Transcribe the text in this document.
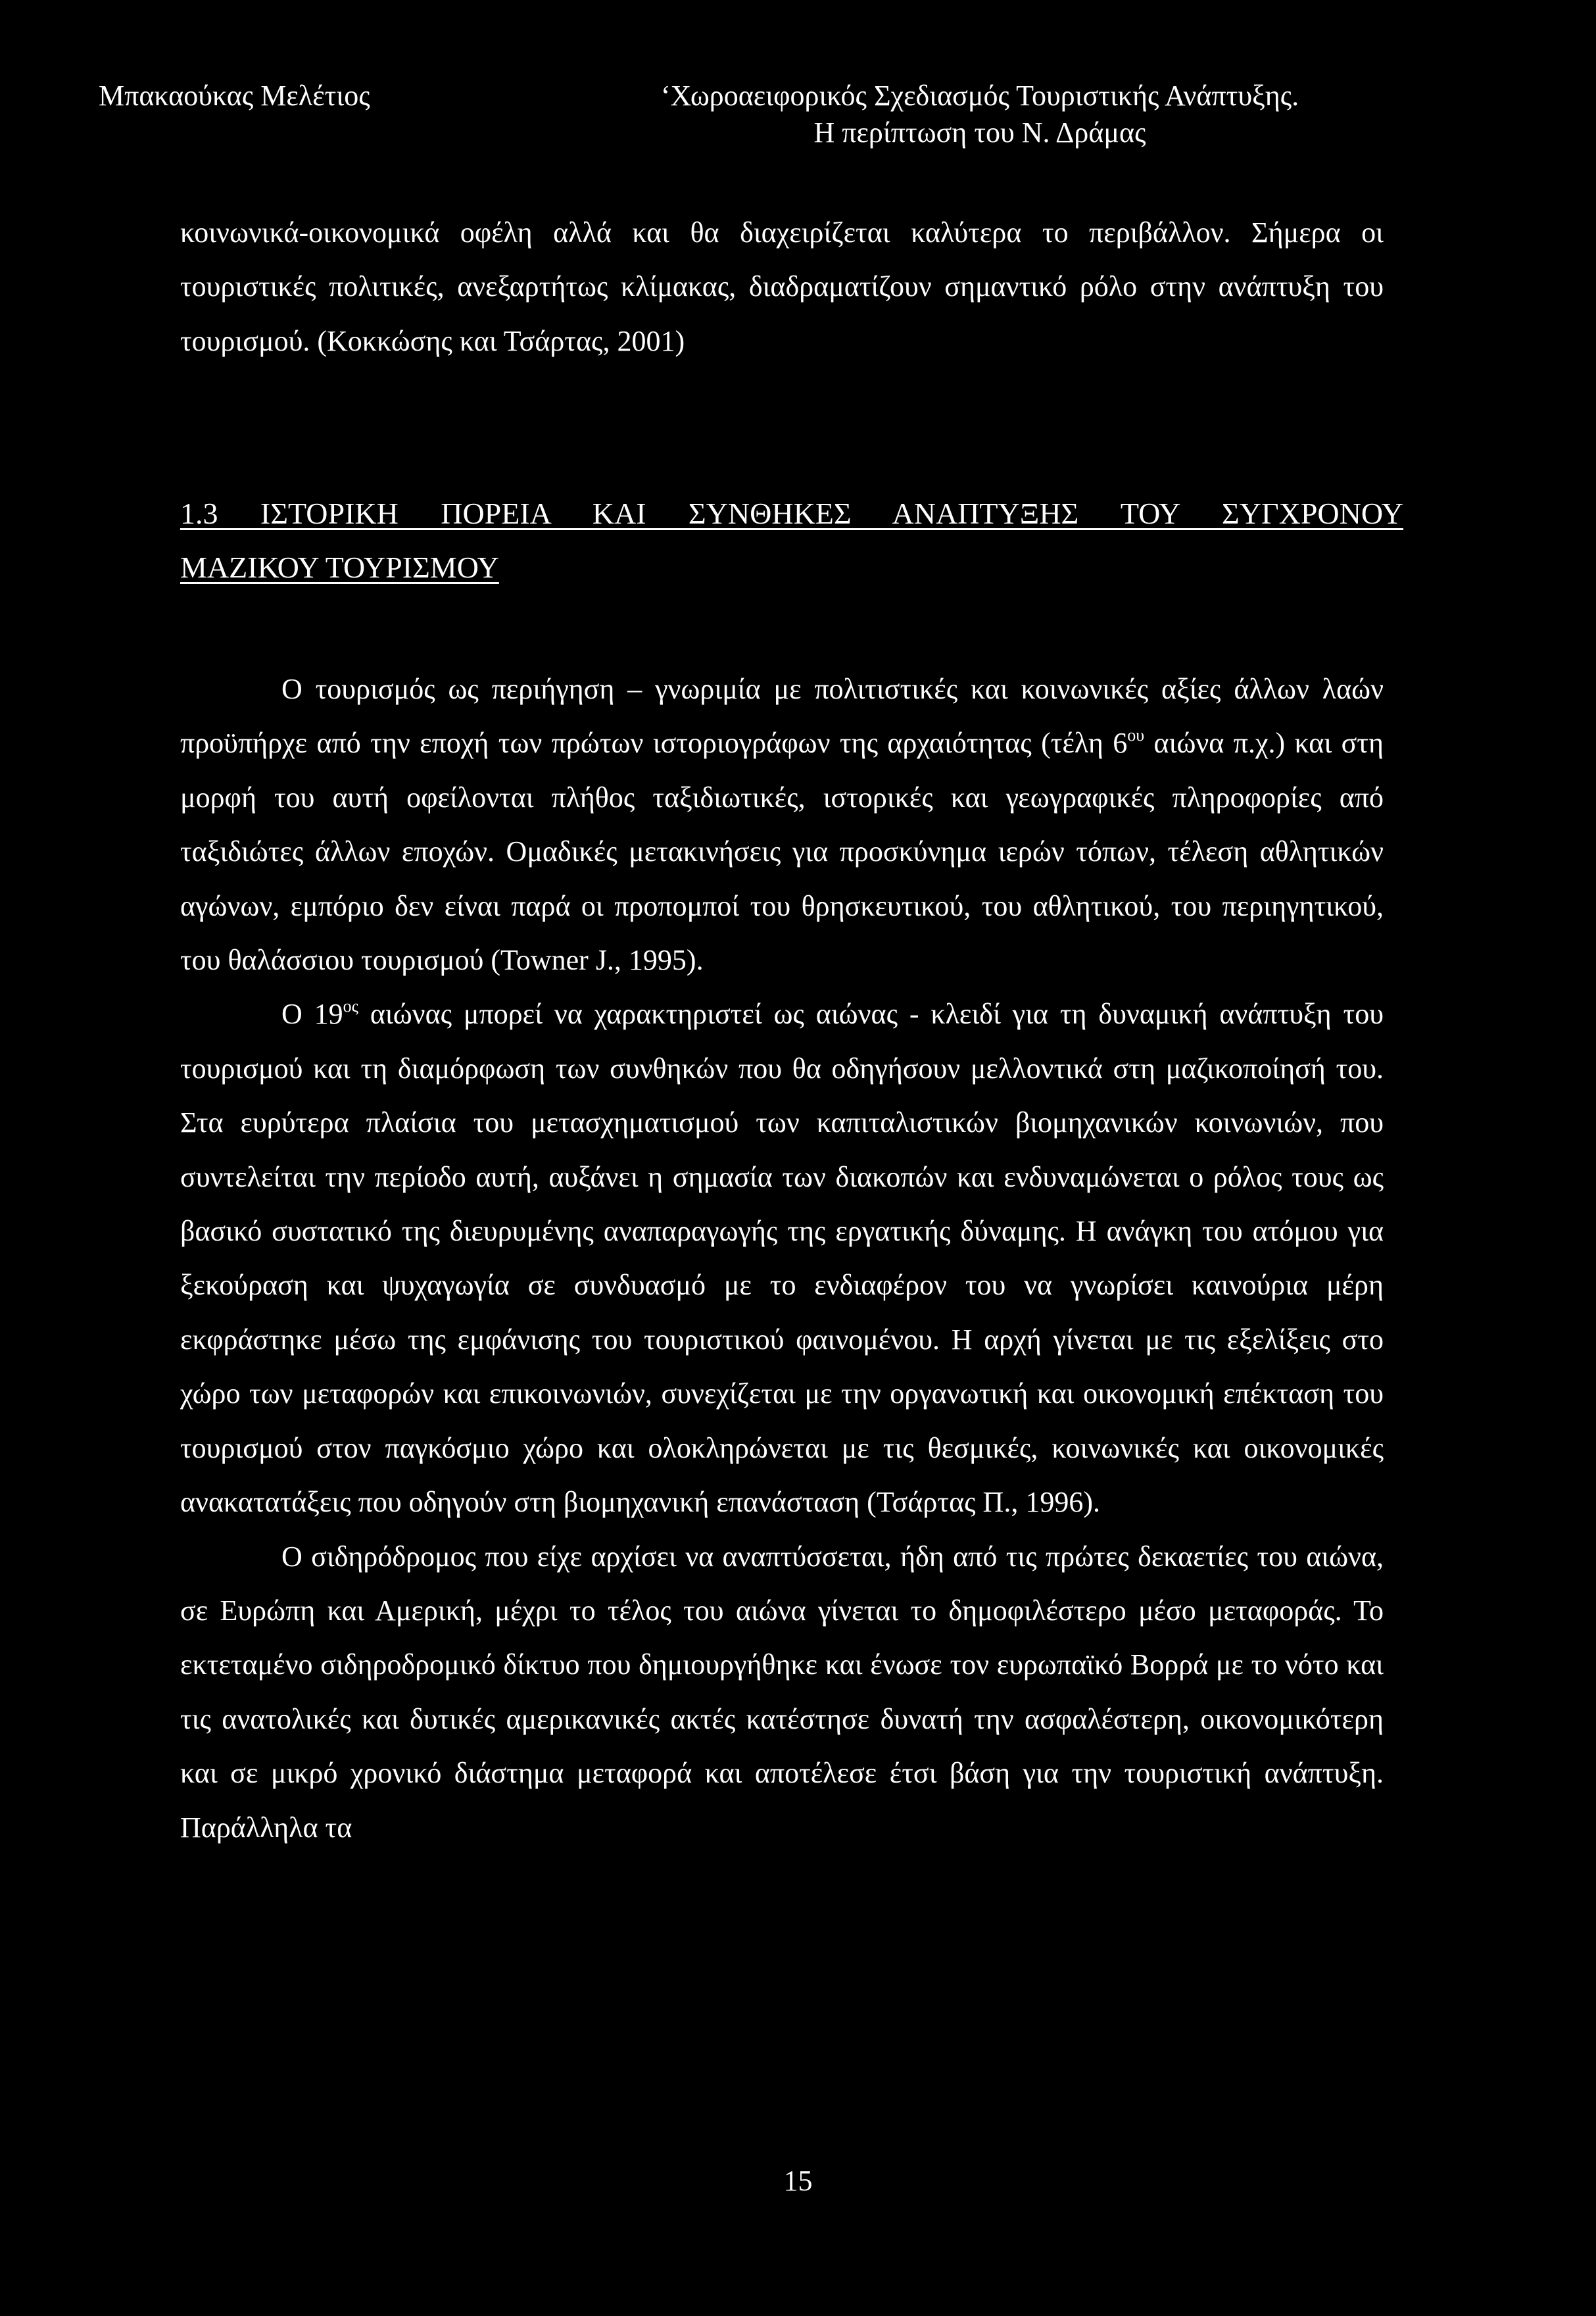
Μπακαούκας Μελέτιος	‘Χωροαειφορικός Σχεδιασμός Τουριστικής Ανάπτυξης.
Η περίπτωση του Ν. Δράμας

κοινωνικά-οικονομικά οφέλη αλλά και θα διαχειρίζεται καλύτερα το περιβάλλον. Σήμερα οι τουριστικές πολιτικές, ανεξαρτήτως κλίμακας, διαδραματίζουν σημαντικό ρόλο στην ανάπτυξη του τουρισμού. (Κοκκώσης και Τσάρτας, 2001)

1.3 ΙΣΤΟΡΙΚΗ ΠΟΡΕΙΑ ΚΑΙ ΣΥΝΘΗΚΕΣ ΑΝΑΠΤΥΞΗΣ ΤΟΥ ΣΥΓΧΡΟΝΟΥ
ΜΑΖΙΚΟΥ ΤΟΥΡΙΣΜΟΥ

Ο τουρισμός ως περιήγηση – γνωριμία με πολιτιστικές και κοινωνικές αξίες άλλων λαών προϋπήρχε από την εποχή των πρώτων ιστοριογράφων της αρχαιότητας (τέλη $6^{o\upsilon}$ αιώνα π.χ.) και στη μορφή του αυτή οφείλονται πλήθος ταξιδιωτικές, ιστορικές και γεωγραφικές πληροφορίες από ταξιδιώτες άλλων εποχών. Ομαδικές μετακινήσεις για προσκύνημα ιερών τόπων, τέλεση αθλητικών αγώνων, εμπόριο δεν είναι παρά οι προπομποί του θρησκευτικού, του αθλητικού, του περιηγητικού, του θαλάσσιου τουρισμού (Towner J., 1995).

Ο $19^{o\varsigma}$ αιώνας μπορεί να χαρακτηριστεί ως αιώνας - κλειδί για τη δυναμική ανάπτυξη του τουρισμού και τη διαμόρφωση των συνθηκών που θα οδηγήσουν μελλοντικά στη μαζικοποίησή του. Στα ευρύτερα πλαίσια του μετασχηματισμού των καπιταλιστικών βιομηχανικών κοινωνιών, που συντελείται την περίοδο αυτή, αυξάνει η σημασία των διακοπών και ενδυναμώνεται ο ρόλος τους ως βασικό συστατικό της διευρυμένης αναπαραγωγής της εργατικής δύναμης. Η ανάγκη του ατόμου για ξεκούραση και ψυχαγωγία σε συνδυασμό με το ενδιαφέρον του να γνωρίσει καινούρια μέρη εκφράστηκε μέσω της εμφάνισης του τουριστικού φαινομένου. Η αρχή γίνεται με τις εξελίξεις στο χώρο των μεταφορών και επικοινωνιών, συνεχίζεται με την οργανωτική και οικονομική επέκταση του τουρισμού στον παγκόσμιο χώρο και ολοκληρώνεται με τις θεσμικές, κοινωνικές και οικονομικές ανακατατάξεις που οδηγούν στη βιομηχανική επανάσταση (Τσάρτας Π., 1996).

Ο σιδηρόδρομος που είχε αρχίσει να αναπτύσσεται, ήδη από τις πρώτες δεκαετίες του αιώνα, σε Ευρώπη και Αμερική, μέχρι το τέλος του αιώνα γίνεται το δημοφιλέστερο μέσο μεταφοράς. Το εκτεταμένο σιδηροδρομικό δίκτυο που δημιουργήθηκε και ένωσε τον ευρωπαϊκό Βορρά με το νότο και τις ανατολικές και δυτικές αμερικανικές ακτές κατέστησε δυνατή την ασφαλέστερη, οικονομικότερη και σε μικρό χρονικό διάστημα μεταφορά και αποτέλεσε έτσι βάση για την τουριστική ανάπτυξη. Παράλληλα τα

15
